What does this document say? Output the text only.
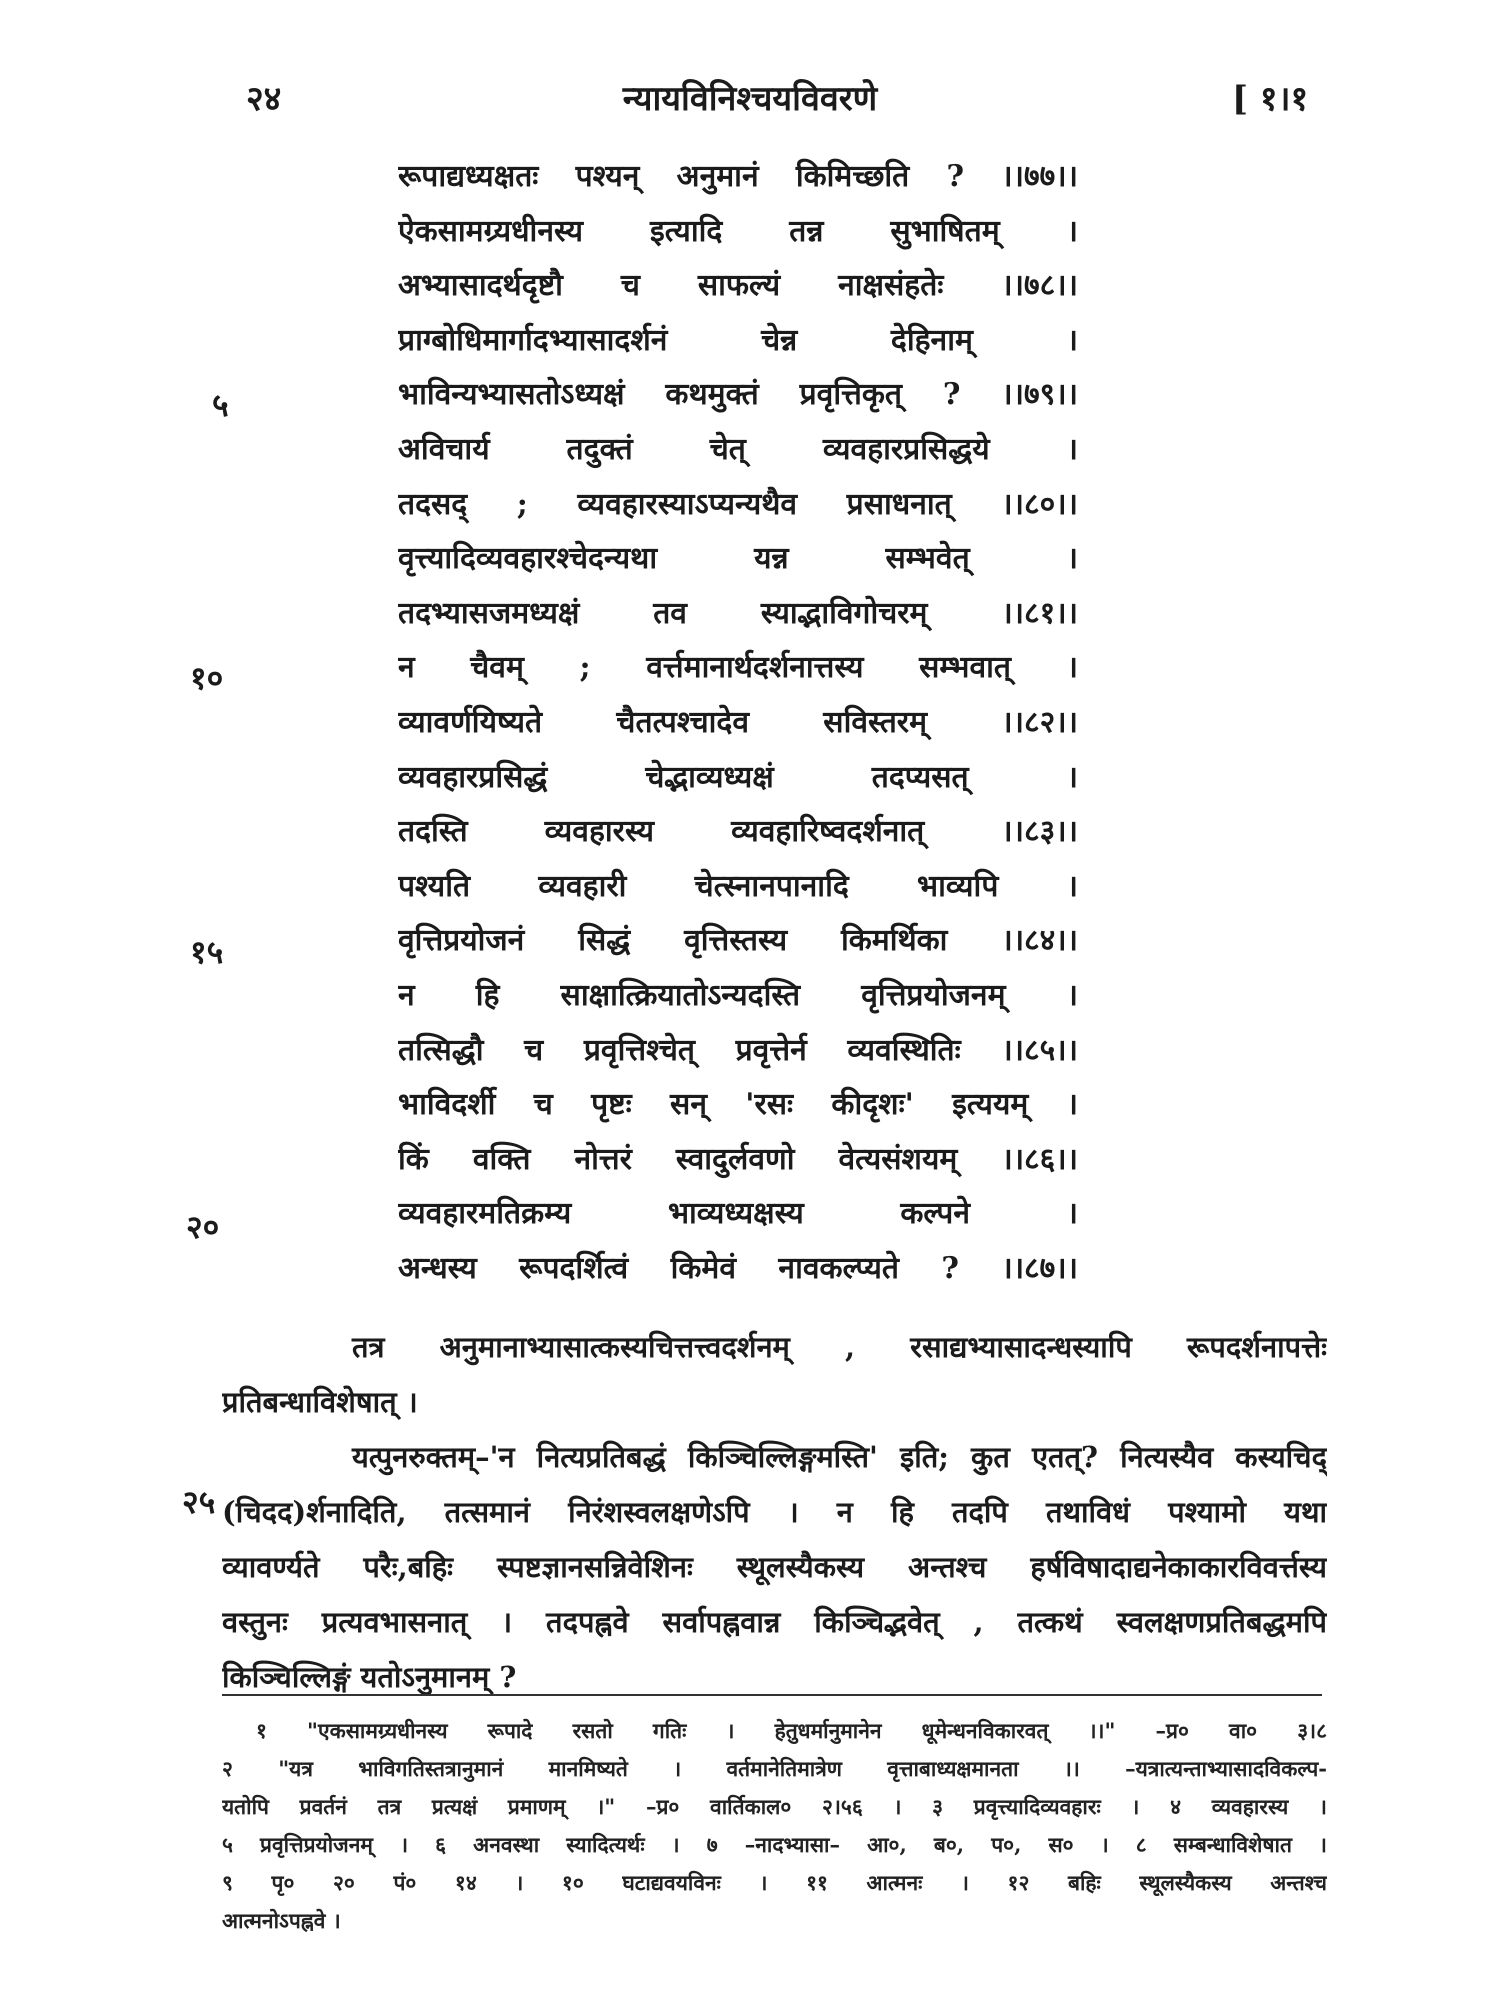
न्यायविनिश्चयविवरणे
२४	[ १।१
५
१०
१५
२०
२५
रूपाद्यध्यक्षतः पश्यन् अनुमानं किमिच्छति ? ।।७७।।
ऐकसामग्र्यधीनस्य इत्यादि तन्न सुभाषितम् ।
अभ्यासादर्थदृष्टौ च साफल्यं नाक्षसंहतेः ।।७८।।
प्राग्बोधिमार्गादभ्यासादर्शनं चेन्न देहिनाम् ।
भाविन्यभ्यासतोऽध्यक्षं कथमुक्तं प्रवृत्तिकृत् ? ।।७९।।
अविचार्य तदुक्तं चेत् व्यवहारप्रसिद्धये ।
तदसद् ; व्यवहारस्याऽप्यन्यथैव प्रसाधनात् ।।८०।।
वृत्त्यादिव्यवहारश्चेदन्यथा यन्न सम्भवेत् ।
तदभ्यासजमध्यक्षं तव स्याद्भाविगोचरम् ।।८१।।
न चैवम् ; वर्त्तमानार्थदर्शनात्तस्य सम्भवात् ।
व्यावर्णयिष्यते चैतत्पश्चादेव सविस्तरम् ।।८२।।
व्यवहारप्रसिद्धं चेद्भाव्यध्यक्षं तदप्यसत् ।
तदस्ति व्यवहारस्य व्यवहारिष्वदर्शनात् ।।८३।।
पश्यति व्यवहारी चेत्स्नानपानादि भाव्यपि ।
वृत्तिप्रयोजनं सिद्धं वृत्तिस्तस्य किमर्थिका ।।८४।।
न हि साक्षात्क्रियातोऽन्यदस्ति वृत्तिप्रयोजनम् ।
तत्सिद्धौ च प्रवृत्तिश्चेत् प्रवृत्तेर्न व्यवस्थितिः ।।८५।।
भाविदर्शी च पृष्टः सन् 'रसः कीदृशः' इत्ययम् ।
किं वक्ति नोत्तरं स्वादुर्लवणो वेत्यसंशयम् ।।८६।।
व्यवहारमतिक्रम्य भाव्यध्यक्षस्य कल्पने ।
अन्धस्य रूपदर्शित्वं किमेवं नावकल्प्यते ? ।।८७।।
तत्र अनुमानाभ्यासात्कस्यचित्तत्त्वदर्शनम् , रसाद्यभ्यासादन्धस्यापि रूपदर्शनापत्तेः
प्रतिबन्धाविशेषात् ।
यत्पुनरुक्तम्–'न नित्यप्रतिबद्धं किञ्चिल्लिङ्गमस्ति' इति; कुत एतत्? नित्यस्यैव कस्यचिद्
(चिदद)र्शनादिति, तत्समानं निरंशस्वलक्षणेऽपि । न हि तदपि तथाविधं पश्यामो यथा
व्यावर्ण्यते परैः,बहिः स्पष्टज्ञानसन्निवेशिनः स्थूलस्यैकस्य अन्तश्च हर्षविषादाद्यनेकाकारविवर्त्तस्य
वस्तुनः प्रत्यवभासनात् । तदपह्नवे सर्वापह्नवान्न किञ्चिद्भवेत् , तत्कथं स्वलक्षणप्रतिबद्धमपि
किञ्चिल्लिङ्गं यतोऽनुमानम् ?
१ "एकसामग्र्यधीनस्य रूपादे रसतो गतिः । हेतुधर्मानुमानेन धूमेन्धनविकारवत् ।।" –प्र० वा० ३।८
२ "यत्र भाविगतिस्तत्रानुमानं मानमिष्यते । वर्तमानेतिमात्रेण वृत्ताबाध्यक्षमानता ।। –यत्रात्यन्ताभ्यासादविकल्प-
यतोपि प्रवर्तनं तत्र प्रत्यक्षं प्रमाणम् ।" –प्र० वार्तिकाल० २।५६ । ३ प्रवृत्त्यादिव्यवहारः । ४ व्यवहारस्य ।
५ प्रवृत्तिप्रयोजनम् । ६ अनवस्था स्यादित्यर्थः । ७ –नादभ्यासा– आ०, ब०, प०, स० । ८ सम्बन्धाविशेषात ।
९ पृ० २० पं० १४ । १० घटाद्यवयविनः । ११ आत्मनः । १२ बहिः स्थूलस्यैकस्य अन्तश्च
आत्मनोऽपह्नवे ।
